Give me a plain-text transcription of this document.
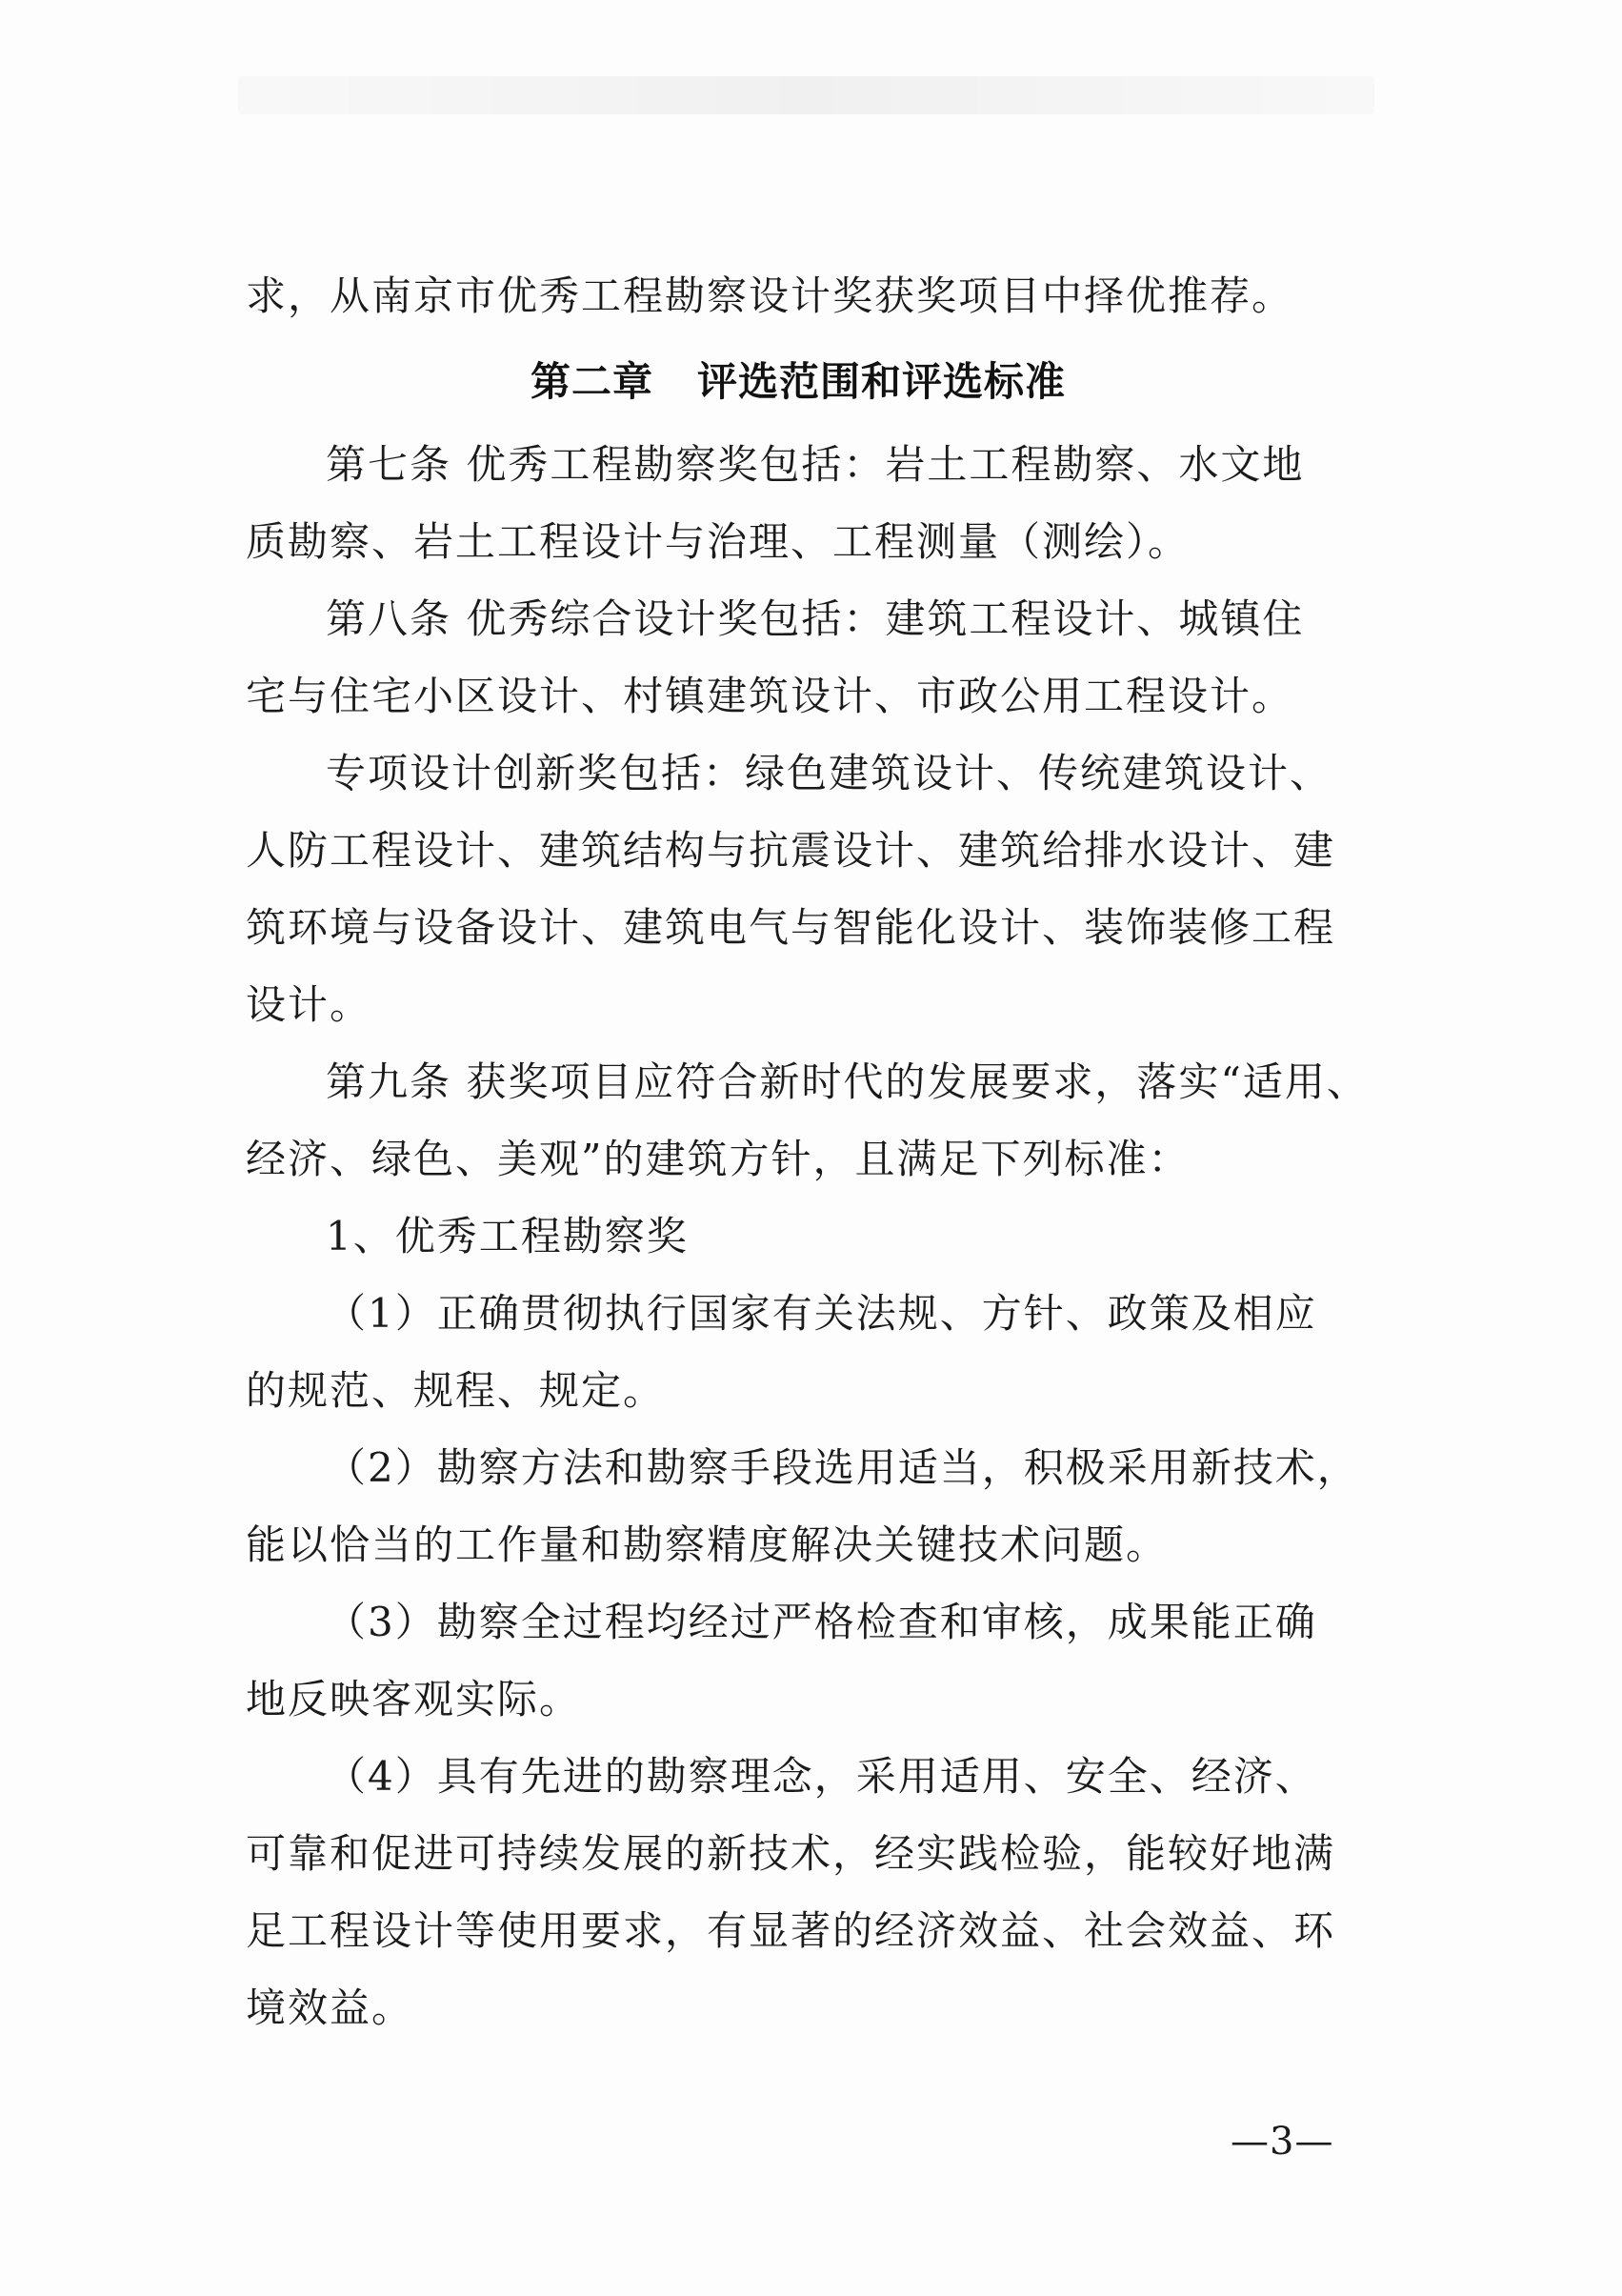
求，从南京市优秀工程勘察设计奖获奖项目中择优推荐。

第二章 评选范围和评选标准

第七条 优秀工程勘察奖包括：岩土工程勘察、水文地

质勘察、岩土工程设计与治理、工程测量（测绘）。

第八条 优秀综合设计奖包括：建筑工程设计、城镇住

宅与住宅小区设计、村镇建筑设计、市政公用工程设计。

专项设计创新奖包括：绿色建筑设计、传统建筑设计、

人防工程设计、建筑结构与抗震设计、建筑给排水设计、建

筑环境与设备设计、建筑电气与智能化设计、装饰装修工程

设计。

第九条 获奖项目应符合新时代的发展要求，落实“适用、

经济、绿色、美观”的建筑方针，且满足下列标准：

1、优秀工程勘察奖

（1）正确贯彻执行国家有关法规、方针、政策及相应

的规范、规程、规定。

（2）勘察方法和勘察手段选用适当，积极采用新技术，

能以恰当的工作量和勘察精度解决关键技术问题。

（3）勘察全过程均经过严格检查和审核，成果能正确

地反映客观实际。

（4）具有先进的勘察理念，采用适用、安全、经济、

可靠和促进可持续发展的新技术，经实践检验，能较好地满

足工程设计等使用要求，有显著的经济效益、社会效益、环

境效益。

—3—
